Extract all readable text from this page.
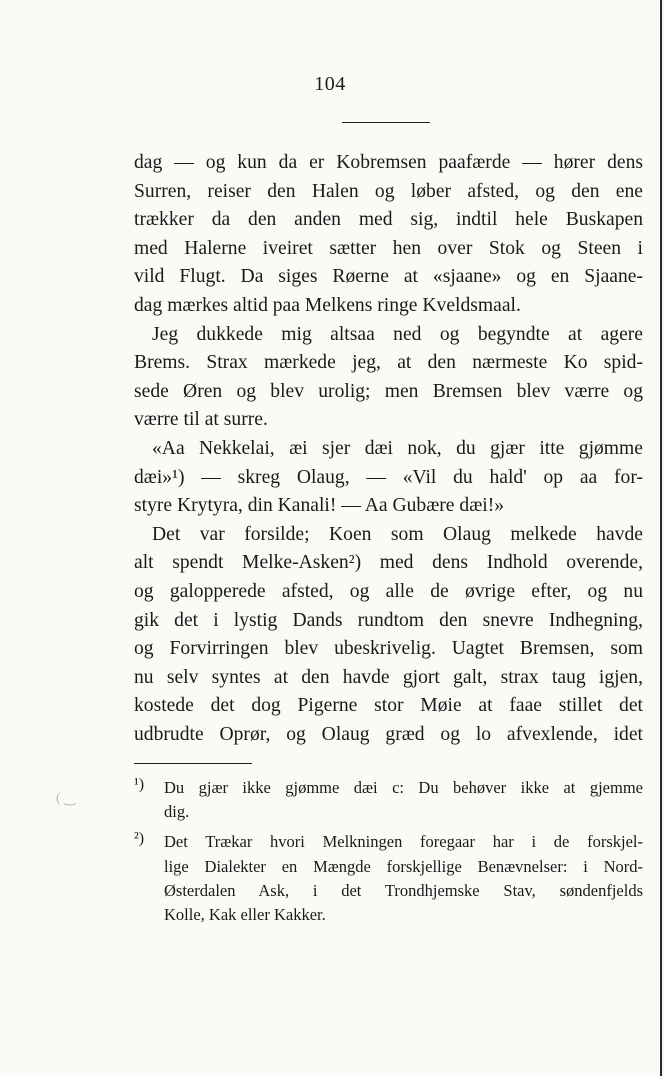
104
dag — og kun da er Kobremsen paafærde — hører dens
Surren, reiser den Halen og løber afsted, og den ene
trækker da den anden med sig, indtil hele Buskapen
med Halerne iveiret sætter hen over Stok og Steen i
vild Flugt. Da siges Røerne at «sjaane» og en Sjaane-
dag mærkes altid paa Melkens ringe Kveldsmaal.
Jeg dukkede mig altsaa ned og begyndte at agere
Brems. Strax mærkede jeg, at den nærmeste Ko spid-
sede Øren og blev urolig; men Bremsen blev værre og
værre til at surre.
«Aa Nekkelai, æi sjer dæi nok, du gjær itte gjømme
dæi»¹) — skreg Olaug, — «Vil du hald' op aa for-
styre Krytyra, din Kanali! — Aa Gubære dæi!»
Det var forsilde; Koen som Olaug melkede havde
alt spendt Melke-Asken²) med dens Indhold overende,
og galopperede afsted, og alle de øvrige efter, og nu
gik det i lystig Dands rundtom den snevre Indhegning,
og Forvirringen blev ubeskrivelig. Uagtet Bremsen, som
nu selv syntes at den havde gjort galt, strax taug igjen,
kostede det dog Pigerne stor Møie at faae stillet det
udbrudte Oprør, og Olaug græd og lo afvexlende, idet
¹) Du gjær ikke gjømme dæi c: Du behøver ikke at gjemme
dig.
²) Det Trækar hvori Melkningen foregaar har i de forskjel-
lige Dialekter en Mængde forskjellige Benævnelser: i Nord-
Østerdalen Ask, i det Trondhjemske Stav, søndenfjelds
Kolle, Kak eller Kakker.
( ‿
